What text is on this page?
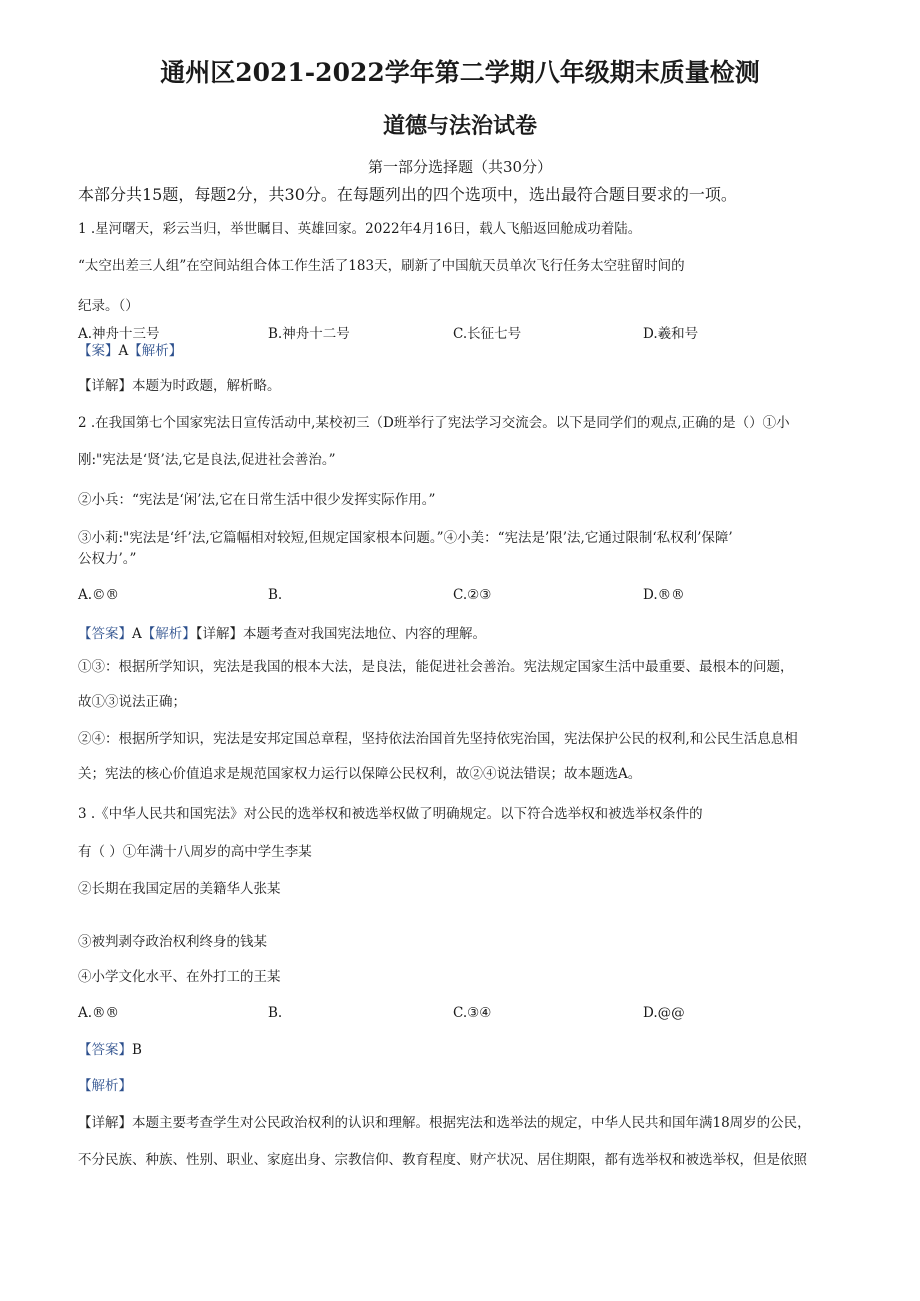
通州区2021-2022学年第二学期八年级期末质量检测
道德与法治试卷
第一部分选择题（共30分）
本部分共15题，每题2分，共30分。在每题列出的四个选项中，选出最符合题目要求的一项。
1 .星河曙天，彩云当归，举世瞩目、英雄回家。2022年4月16日，载人飞船返回舱成功着陆。
“太空出差三人组”在空间站组合体工作生活了183天，刷新了中国航天员单次飞行任务太空驻留时间的
纪录。（）
A.神舟十三号	B.神舟十二号	C.长征七号	D.羲和号
【案】A【解析】
【详解】本题为时政题，解析略。
2 .在我国第七个国家宪法日宣传活动中,某校初三（D班举行了宪法学习交流会。以下是同学们的观点,正确的是（）①小
刚:"宪法是‘贤’法,它是良法,促进社会善治。”
②小兵：“宪法是‘闲’法,它在日常生活中很少发挥实际作用。”
③小莉:"宪法是‘纤’法,它篇幅相对较短,但规定国家根本问题。”④小美：“宪法是’限’法,它通过限制‘私权利’保障’
公权力’。”
A.©®	B.	C.②③	D.®®
【答案】A【解析】【详解】本题考查对我国宪法地位、内容的理解。
①③：根据所学知识，宪法是我国的根本大法，是良法，能促进社会善治。宪法规定国家生活中最重要、最根本的问题，
故①③说法正确；
②④：根据所学知识，宪法是安邦定国总章程，坚持依法治国首先坚持依宪治国，宪法保护公民的权利,和公民生活息息相
关；宪法的核心价值追求是规范国家权力运行以保障公民权利，故②④说法错误；故本题选A。
3 .《中华人民共和国宪法》对公民的选举权和被选举权做了明确规定。以下符合选举权和被选举权条件的
有（ ）①年满十八周岁的高中学生李某
②长期在我国定居的美籍华人张某
③被判剥夺政治权利终身的钱某
④小学文化水平、在外打工的王某
A.®®	B.	C.③④	D.@@
【答案】B
【解析】
【详解】本题主要考查学生对公民政治权利的认识和理解。根据宪法和选举法的规定，中华人民共和国年满18周岁的公民，
不分民族、种族、性别、职业、家庭出身、宗教信仰、教育程度、财产状况、居住期限，都有选举权和被选举权，但是依照
